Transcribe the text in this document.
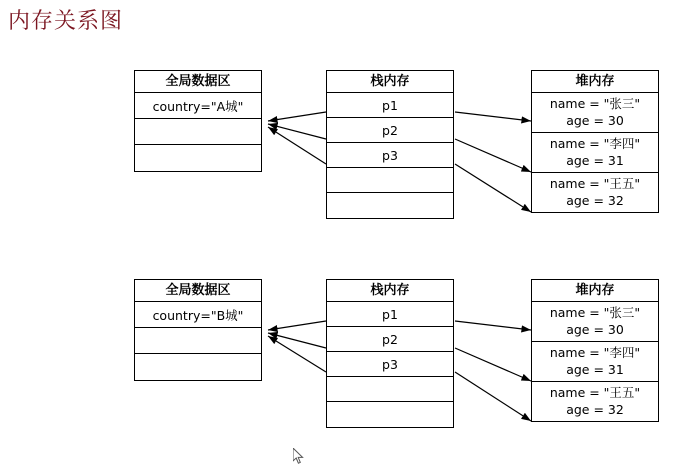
内存关系图
全局数据区
country="A城"
栈内存
p1
p2
p3
堆内存
name = "张三"
age = 30
name = "李四"
age = 31
name = "王五"
age = 32
全局数据区
country="B城"
栈内存
p1
p2
p3
堆内存
name = "张三"
age = 30
name = "李四"
age = 31
name = "王五"
age = 32
